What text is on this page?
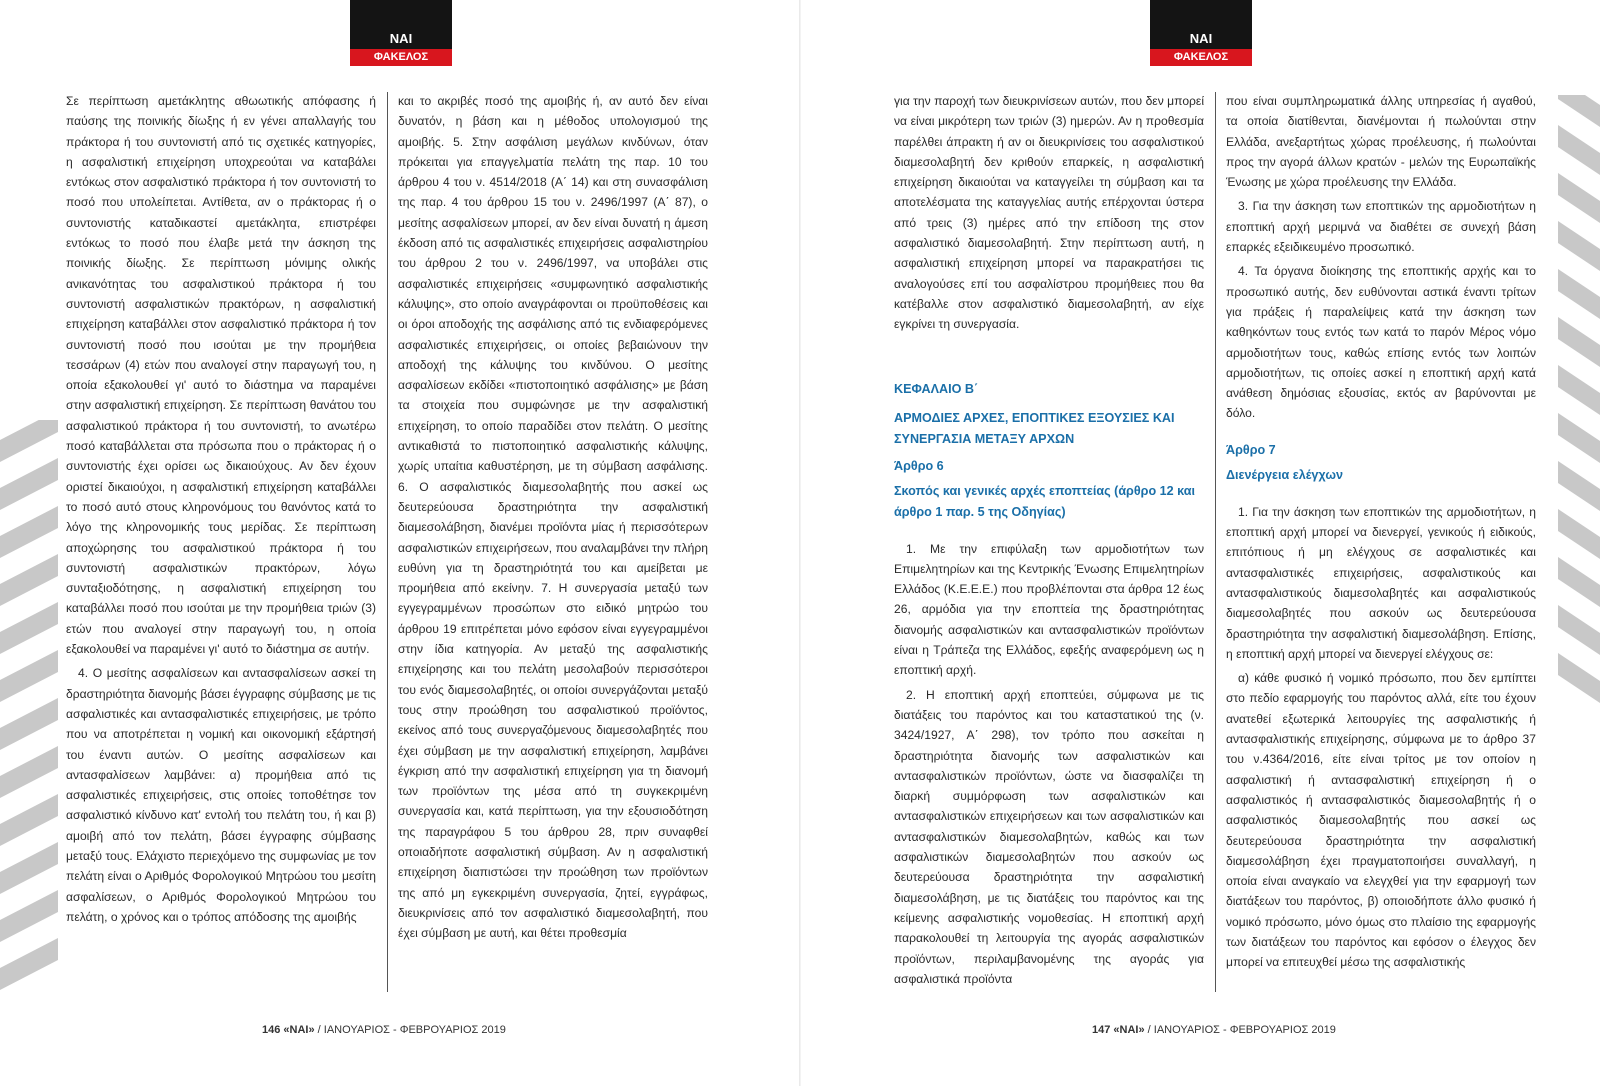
ΝΑΙ
ΦΑΚΕΛΟΣ

Σε περίπτωση αμετάκλητης αθωωτικής απόφασης ή παύσης της ποινικής δίωξης ή εν γένει απαλλαγής του πράκτορα ή του συντονιστή από τις σχετικές κατηγορίες, η ασφαλιστική επιχείρηση υποχρεούται να καταβάλει εντόκως στον ασφαλιστικό πράκτορα ή τον συντονιστή το ποσό που υπολείπεται. Αντίθετα, αν ο πράκτορας ή ο συντονιστής καταδικαστεί αμετάκλητα, επιστρέφει εντόκως το ποσό που έλαβε μετά την άσκηση της ποινικής δίωξης. Σε περίπτωση μόνιμης ολικής ανικανότητας του ασφαλιστικού πράκτορα ή του συντονιστή ασφαλιστικών πρακτόρων, η ασφαλιστική επιχείρηση καταβάλλει στον ασφαλιστικό πράκτορα ή τον συντονιστή ποσό που ισούται με την προμήθεια τεσσάρων (4) ετών που αναλογεί στην παραγωγή του, η οποία εξακολουθεί γι' αυτό το διάστημα να παραμένει στην ασφαλιστική επιχείρηση. Σε περίπτωση θανάτου του ασφαλιστικού πράκτορα ή του συντονιστή, το ανωτέρω ποσό καταβάλλεται στα πρόσωπα που ο πράκτορας ή ο συντονιστής έχει ορίσει ως δικαιούχους. Αν δεν έχουν οριστεί δικαιούχοι, η ασφαλιστική επιχείρηση καταβάλλει το ποσό αυτό στους κληρονόμους του θανόντος κατά το λόγο της κληρονομικής τους μερίδας. Σε περίπτωση αποχώρησης του ασφαλιστικού πράκτορα ή του συντονιστή ασφαλιστικών πρακτόρων, λόγω συνταξιοδότησης, η ασφαλιστική επιχείρηση του καταβάλλει ποσό που ισούται με την προμήθεια τριών (3) ετών που αναλογεί στην παραγωγή του, η οποία εξακολουθεί να παραμένει γι' αυτό το διάστημα σε αυτήν.

4. Ο μεσίτης ασφαλίσεων και αντασφαλίσεων ασκεί τη δραστηριότητα διανομής βάσει έγγραφης σύμβασης με τις ασφαλιστικές και αντασφαλιστικές επιχειρήσεις, με τρόπο που να αποτρέπεται η νομική και οικονομική εξάρτησή του έναντι αυτών. Ο μεσίτης ασφαλίσεων και αντασφαλίσεων λαμβάνει: α) προμήθεια από τις ασφαλιστικές επιχειρήσεις, στις οποίες τοποθέτησε τον ασφαλιστικό κίνδυνο κατ' εντολή του πελάτη του, ή και β) αμοιβή από τον πελάτη, βάσει έγγραφης σύμβασης μεταξύ τους. Ελάχιστο περιεχόμενο της συμφωνίας με τον πελάτη είναι ο Αριθμός Φορολογικού Μητρώου του μεσίτη ασφαλίσεων, ο Αριθμός Φορολογικού Μητρώου του πελάτη, ο χρόνος και ο τρόπος απόδοσης της αμοιβής

και το ακριβές ποσό της αμοιβής ή, αν αυτό δεν είναι δυνατόν, η βάση και η μέθοδος υπολογισμού της αμοιβής. 5. Στην ασφάλιση μεγάλων κινδύνων, όταν πρόκειται για επαγγελματία πελάτη της παρ. 10 του άρθρου 4 του ν. 4514/2018 (Α΄ 14) και στη συνασφάλιση της παρ. 4 του άρθρου 15 του ν. 2496/1997 (Α΄ 87), ο μεσίτης ασφαλίσεων μπορεί, αν δεν είναι δυνατή η άμεση έκδοση από τις ασφαλιστικές επιχειρήσεις ασφαλιστηρίου του άρθρου 2 του ν. 2496/1997, να υποβάλει στις ασφαλιστικές επιχειρήσεις «συμφωνητικό ασφαλιστικής κάλυψης», στο οποίο αναγράφονται οι προϋποθέσεις και οι όροι αποδοχής της ασφάλισης από τις ενδιαφερόμενες ασφαλιστικές επιχειρήσεις, οι οποίες βεβαιώνουν την αποδοχή της κάλυψης του κινδύνου. Ο μεσίτης ασφαλίσεων εκδίδει «πιστοποιητικό ασφάλισης» με βάση τα στοιχεία που συμφώνησε με την ασφαλιστική επιχείρηση, το οποίο παραδίδει στον πελάτη. Ο μεσίτης αντικαθιστά το πιστοποιητικό ασφαλιστικής κάλυψης, χωρίς υπαίτια καθυστέρηση, με τη σύμβαση ασφάλισης. 6. Ο ασφαλιστικός διαμεσολαβητής που ασκεί ως δευτερεύουσα δραστηριότητα την ασφαλιστική διαμεσολάβηση, διανέμει προϊόντα μίας ή περισσότερων ασφαλιστικών επιχειρήσεων, που αναλαμβάνει την πλήρη ευθύνη για τη δραστηριότητά του και αμείβεται με προμήθεια από εκείνην. 7. Η συνεργασία μεταξύ των εγγεγραμμένων προσώπων στο ειδικό μητρώο του άρθρου 19 επιτρέπεται μόνο εφόσον είναι εγγεγραμμένοι στην ίδια κατηγορία. Αν μεταξύ της ασφαλιστικής επιχείρησης και του πελάτη μεσολαβούν περισσότεροι του ενός διαμεσολαβητές, οι οποίοι συνεργάζονται μεταξύ τους στην προώθηση του ασφαλιστικού προϊόντος, εκείνος από τους συνεργαζόμενους διαμεσολαβητές που έχει σύμβαση με την ασφαλιστική επιχείρηση, λαμβάνει έγκριση από την ασφαλιστική επιχείρηση για τη διανομή των προϊόντων της μέσα από τη συγκεκριμένη συνεργασία και, κατά περίπτωση, για την εξουσιοδότηση της παραγράφου 5 του άρθρου 28, πριν συναφθεί οποιαδήποτε ασφαλιστική σύμβαση. Αν η ασφαλιστική επιχείρηση διαπιστώσει την προώθηση των προϊόντων της από μη εγκεκριμένη συνεργασία, ζητεί, εγγράφως, διευκρινίσεις από τον ασφαλιστικό διαμεσολαβητή, που έχει σύμβαση με αυτή, και θέτει προθεσμία

146 «ΝΑΙ» / ΙΑΝΟΥΑΡΙΟΣ - ΦΕΒΡΟΥΑΡΙΟΣ 2019
ΝΑΙ
ΦΑΚΕΛΟΣ

για την παροχή των διευκρινίσεων αυτών, που δεν μπορεί να είναι μικρότερη των τριών (3) ημερών. Αν η προθεσμία παρέλθει άπρακτη ή αν οι διευκρινίσεις του ασφαλιστικού διαμεσολαβητή δεν κριθούν επαρκείς, η ασφαλιστική επιχείρηση δικαιούται να καταγγείλει τη σύμβαση και τα αποτελέσματα της καταγγελίας αυτής επέρχονται ύστερα από τρεις (3) ημέρες από την επίδοση της στον ασφαλιστικό διαμεσολαβητή. Στην περίπτωση αυτή, η ασφαλιστική επιχείρηση μπορεί να παρακρατήσει τις αναλογούσες επί του ασφαλίστρου προμήθειες που θα κατέβαλλε στον ασφαλιστικό διαμεσολαβητή, αν είχε εγκρίνει τη συνεργασία.

ΚΕΦΑΛΑΙΟ Β΄

ΑΡΜΟΔΙΕΣ ΑΡΧΕΣ, ΕΠΟΠΤΙΚΕΣ ΕΞΟΥΣΙΕΣ ΚΑΙ ΣΥΝΕΡΓΑΣΙΑ ΜΕΤΑΞΥ ΑΡΧΩΝ

Άρθρο 6

Σκοπός και γενικές αρχές εποπτείας (άρθρο 12 και άρθρο 1 παρ. 5 της Οδηγίας)

1. Με την επιφύλαξη των αρμοδιοτήτων των Επιμελητηρίων και της Κεντρικής Ένωσης Επιμελητηρίων Ελλάδος (Κ.Ε.Ε.Ε.) που προβλέπονται στα άρθρα 12 έως 26, αρμόδια για την εποπτεία της δραστηριότητας διανομής ασφαλιστικών και αντασφαλιστικών προϊόντων είναι η Τράπεζα της Ελλάδος, εφεξής αναφερόμενη ως η εποπτική αρχή.

2. Η εποπτική αρχή εποπτεύει, σύμφωνα με τις διατάξεις του παρόντος και του καταστατικού της (ν. 3424/1927, Α΄ 298), τον τρόπο που ασκείται η δραστηριότητα διανομής των ασφαλιστικών και αντασφαλιστικών προϊόντων, ώστε να διασφαλίζει τη διαρκή συμμόρφωση των ασφαλιστικών και αντασφαλιστικών επιχειρήσεων και των ασφαλιστικών και αντασφαλιστικών διαμεσολαβητών, καθώς και των ασφαλιστικών διαμεσολαβητών που ασκούν ως δευτερεύουσα δραστηριότητα την ασφαλιστική διαμεσολάβηση, με τις διατάξεις του παρόντος και της κείμενης ασφαλιστικής νομοθεσίας. Η εποπτική αρχή παρακολουθεί τη λειτουργία της αγοράς ασφαλιστικών προϊόντων, περιλαμβανομένης της αγοράς για ασφαλιστικά προϊόντα

που είναι συμπληρωματικά άλλης υπηρεσίας ή αγαθού, τα οποία διατίθενται, διανέμονται ή πωλούνται στην Ελλάδα, ανεξαρτήτως χώρας προέλευσης, ή πωλούνται προς την αγορά άλλων κρατών - μελών της Ευρωπαϊκής Ένωσης με χώρα προέλευσης την Ελλάδα.

3. Για την άσκηση των εποπτικών της αρμοδιοτήτων η εποπτική αρχή μεριμνά να διαθέτει σε συνεχή βάση επαρκές εξειδικευμένο προσωπικό.

4. Τα όργανα διοίκησης της εποπτικής αρχής και το προσωπικό αυτής, δεν ευθύνονται αστικά έναντι τρίτων για πράξεις ή παραλείψεις κατά την άσκηση των καθηκόντων τους εντός των κατά το παρόν Μέρος νόμο αρμοδιοτήτων τους, καθώς επίσης εντός των λοιπών αρμοδιοτήτων, τις οποίες ασκεί η εποπτική αρχή κατά ανάθεση δημόσιας εξουσίας, εκτός αν βαρύνονται με δόλο.

Άρθρο 7

Διενέργεια ελέγχων

1. Για την άσκηση των εποπτικών της αρμοδιοτήτων, η εποπτική αρχή μπορεί να διενεργεί, γενικούς ή ειδικούς, επιτόπιους ή μη ελέγχους σε ασφαλιστικές και αντασφαλιστικές επιχειρήσεις, ασφαλιστικούς και αντασφαλιστικούς διαμεσολαβητές και ασφαλιστικούς διαμεσολαβητές που ασκούν ως δευτερεύουσα δραστηριότητα την ασφαλιστική διαμεσολάβηση. Επίσης, η εποπτική αρχή μπορεί να διενεργεί ελέγχους σε:

α) κάθε φυσικό ή νομικό πρόσωπο, που δεν εμπίπτει στο πεδίο εφαρμογής του παρόντος αλλά, είτε του έχουν ανατεθεί εξωτερικά λειτουργίες της ασφαλιστικής ή αντασφαλιστικής επιχείρησης, σύμφωνα με το άρθρο 37 του ν.4364/2016, είτε είναι τρίτος με τον οποίον η ασφαλιστική ή αντασφαλιστική επιχείρηση ή ο ασφαλιστικός ή αντασφαλιστικός διαμεσολαβητής ή ο ασφαλιστικός διαμεσολαβητής που ασκεί ως δευτερεύουσα δραστηριότητα την ασφαλιστική διαμεσολάβηση έχει πραγματοποιήσει συναλλαγή, η οποία είναι αναγκαίο να ελεγχθεί για την εφαρμογή των διατάξεων του παρόντος, β) οποιοδήποτε άλλο φυσικό ή νομικό πρόσωπο, μόνο όμως στο πλαίσιο της εφαρμογής των διατάξεων του παρόντος και εφόσον ο έλεγχος δεν μπορεί να επιτευχθεί μέσω της ασφαλιστικής

147 «ΝΑΙ» / ΙΑΝΟΥΑΡΙΟΣ - ΦΕΒΡΟΥΑΡΙΟΣ 2019
